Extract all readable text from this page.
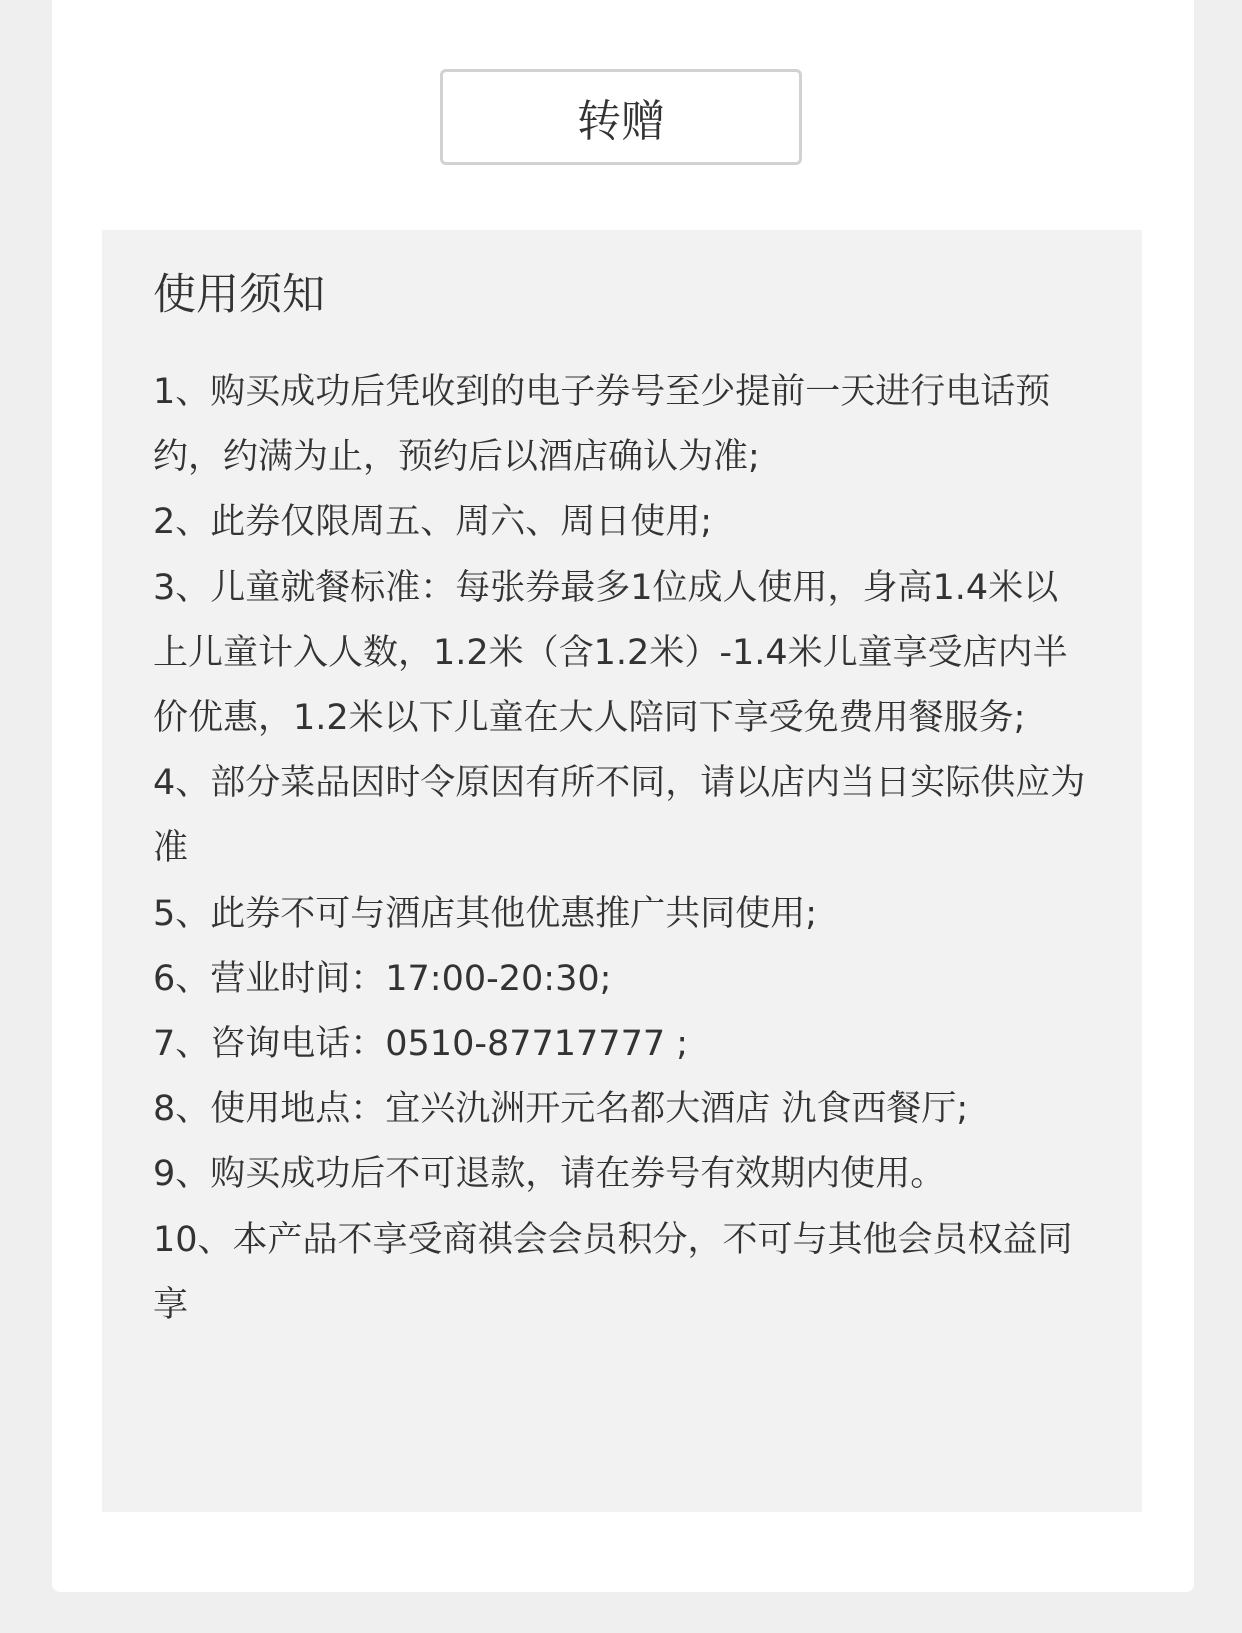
转赠
使用须知
1、购买成功后凭收到的电子券号至少提前一天进行电话预约，约满为止，预约后以酒店确认为准;
2、此券仅限周五、周六、周日使用;
3、儿童就餐标准：每张券最多1位成人使用，身高1.4米以上儿童计入人数，1.2米（含1.2米）-1.4米儿童享受店内半价优惠，1.2米以下儿童在大人陪同下享受免费用餐服务;
4、部分菜品因时令原因有所不同，请以店内当日实际供应为准
5、此券不可与酒店其他优惠推广共同使用;
6、营业时间：17:00-20:30;
7、咨询电话：0510-87717777 ;
8、使用地点：宜兴氿洲开元名都大酒店 氿食西餐厅;
9、购买成功后不可退款，请在券号有效期内使用。
10、本产品不享受商祺会会员积分，不可与其他会员权益同享
